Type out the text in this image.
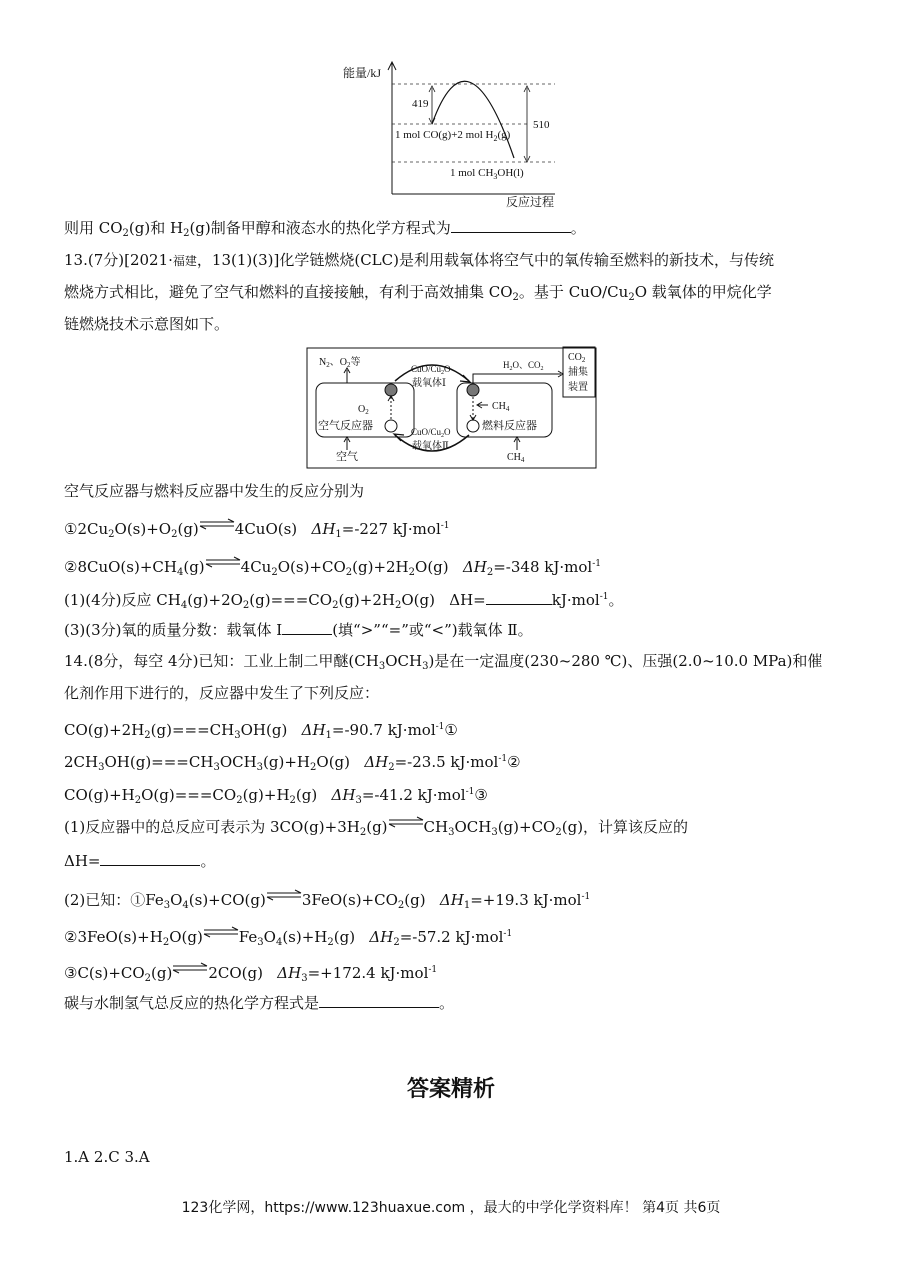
能量/kJ
419
510
1 mol CO(g)+2 mol $H_2(g)$
1 mol $CH_3OH(l)$
反应过程
则用 $CO_2(g)$和 $H_2(g)$制备甲醇和液态水的热化学方程式为	。
13.(7分)[2021·福建，13(1)(3)]化学链燃烧(CLC)是利用载氧体将空气中的氧传输至燃料的新技术，与传统
燃烧方式相比，避免了空气和燃料的直接接触，有利于高效捕集 $CO_2$。基于 CuO/$Cu_2O$ 载氧体的甲烷化学
链燃烧技术示意图如下。
$N_2$、$O_2$等
CuO/$Cu_2O$
载氧体Ⅰ
$O_2$
空气反应器	CuO/$Cu_2O$
载氧体Ⅱ
$H_2O$、$CO_2$
$CH_4$
燃料反应器
空气	$CH_4$
$CO_2$
捕集
装置
空气反应器与燃料反应器中发生的反应分别为
$①2Cu_2O(s)+O_2(g)\rightleftharpoons 4CuO(s)$ $\Delta H_1=-227$ kJ·mol$^{-1}$
$②8CuO(s)+CH_4(g)\rightleftharpoons 4Cu_2O(s)+CO_2(g)+2H_2O(g)$ $\Delta H_2=-348$ kJ·mol$^{-1}$
(1)(4分)反应 $CH_4(g)+2O_2(g)===CO_2(g)+2H_2O(g)$ ΔH=	kJ·mol$^{-1}$。
(3)(3分)氧的质量分数：载氧体 Ⅰ	(填“>”“=”或“<”)载氧体 Ⅱ。
14.(8分，每空 4分)已知：工业上制二甲醚$(CH_3OCH_3)$是在一定温度(230~280 ℃)、压强(2.0~10.0 MPa)和催
化剂作用下进行的，反应器中发生了下列反应：
$CO(g)+2H_2(g)===CH_3OH(g)$ $\Delta H_1=-90.7$ kJ·mol$^{-1}$①
$2CH_3OH(g)===CH_3OCH_3(g)+H_2O(g)$ $\Delta H_2=-23.5$ kJ·mol$^{-1}$②
$CO(g)+H_2O(g)===CO_2(g)+H_2(g)$ $\Delta H_3=-41.2$ kJ·mol$^{-1}$③
(1)反应器中的总反应可表示为 $3CO(g)+3H_2(g)\rightleftharpoons CH_3OCH_3(g)+CO_2(g)$，计算该反应的
ΔH=	。
(2)已知：$①Fe_3O_4(s)+CO(g)\rightleftharpoons 3FeO(s)+CO_2(g)$ $\Delta H_1=+19.3$ kJ·mol$^{-1}$
$②3FeO(s)+H_2O(g)\rightleftharpoons Fe_3O_4(s)+H_2(g)$ $\Delta H_2=-57.2$ kJ·mol$^{-1}$
$③C(s)+CO_2(g)\rightleftharpoons 2CO(g)$ $\Delta H_3=+172.4$ kJ·mol$^{-1}$
碳与水制氢气总反应的热化学方程式是	。
答案精析
1.A 2.C 3.A
123化学网，https://www.123huaxue.com ，最大的中学化学资料库！ 第4页 共6页
